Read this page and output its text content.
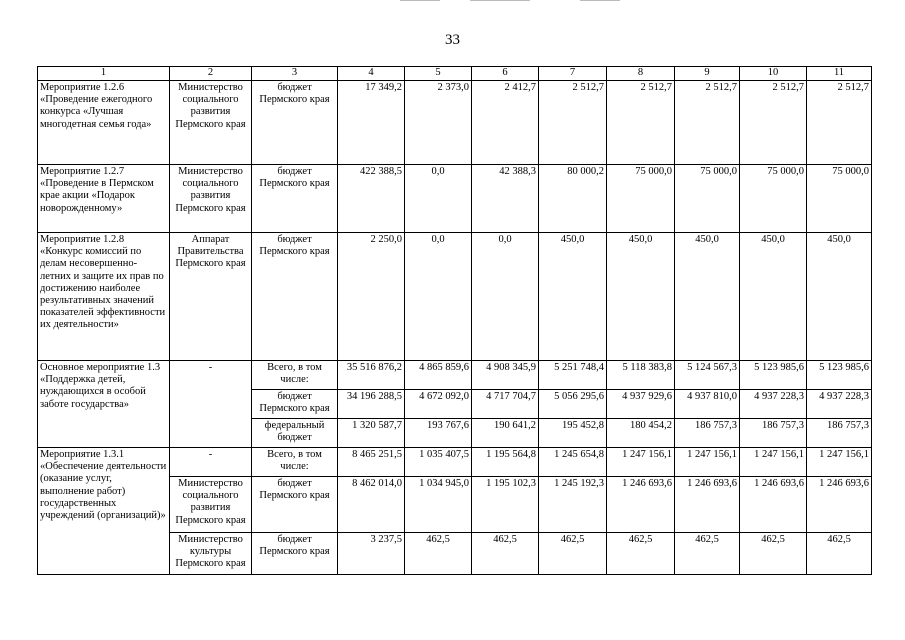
33
1	2	3	4	5	6	7	8	9	10	11
Мероприятие 1.2.6 «Проведение ежегодного конкурса «Лучшая многодетная семья года»	Министерство социального развития Пермского края	бюджет Пермского края	17 349,2	2 373,0	2 412,7	2 512,7	2 512,7	2 512,7	2 512,7	2 512,7
Мероприятие 1.2.7 «Проведение в Пермском крае акции «Подарок новорожденному»	Министерство социального развития Пермского края	бюджет Пермского края	422 388,5	0,0	42 388,3	80 000,2	75 000,0	75 000,0	75 000,0	75 000,0
Мероприятие 1.2.8 «Конкурс комиссий по делам несовершенно-летних и защите их прав по достижению наиболее результативных значений показателей эффективности их деятельности»	Аппарат Правительства Пермского края	бюджет Пермского края	2 250,0	0,0	0,0	450,0	450,0	450,0	450,0	450,0
Основное мероприятие 1.3 «Поддержка детей, нуждающихся в особой заботе государства»	-	Всего, в том числе:	35 516 876,2	4 865 859,6	4 908 345,9	5 251 748,4	5 118 383,8	5 124 567,3	5 123 985,6	5 123 985,6
		бюджет Пермского края	34 196 288,5	4 672 092,0	4 717 704,7	5 056 295,6	4 937 929,6	4 937 810,0	4 937 228,3	4 937 228,3
		федеральный бюджет	1 320 587,7	193 767,6	190 641,2	195 452,8	180 454,2	186 757,3	186 757,3	186 757,3
Мероприятие 1.3.1 «Обеспечение деятельности (оказание услуг, выполнение работ) государственных учреждений (организаций)»	-	Всего, в том числе:	8 465 251,5	1 035 407,5	1 195 564,8	1 245 654,8	1 247 156,1	1 247 156,1	1 247 156,1	1 247 156,1
	Министерство социального развития Пермского края	бюджет Пермского края	8 462 014,0	1 034 945,0	1 195 102,3	1 245 192,3	1 246 693,6	1 246 693,6	1 246 693,6	1 246 693,6
	Министерство культуры Пермского края	бюджет Пермского края	3 237,5	462,5	462,5	462,5	462,5	462,5	462,5	462,5
